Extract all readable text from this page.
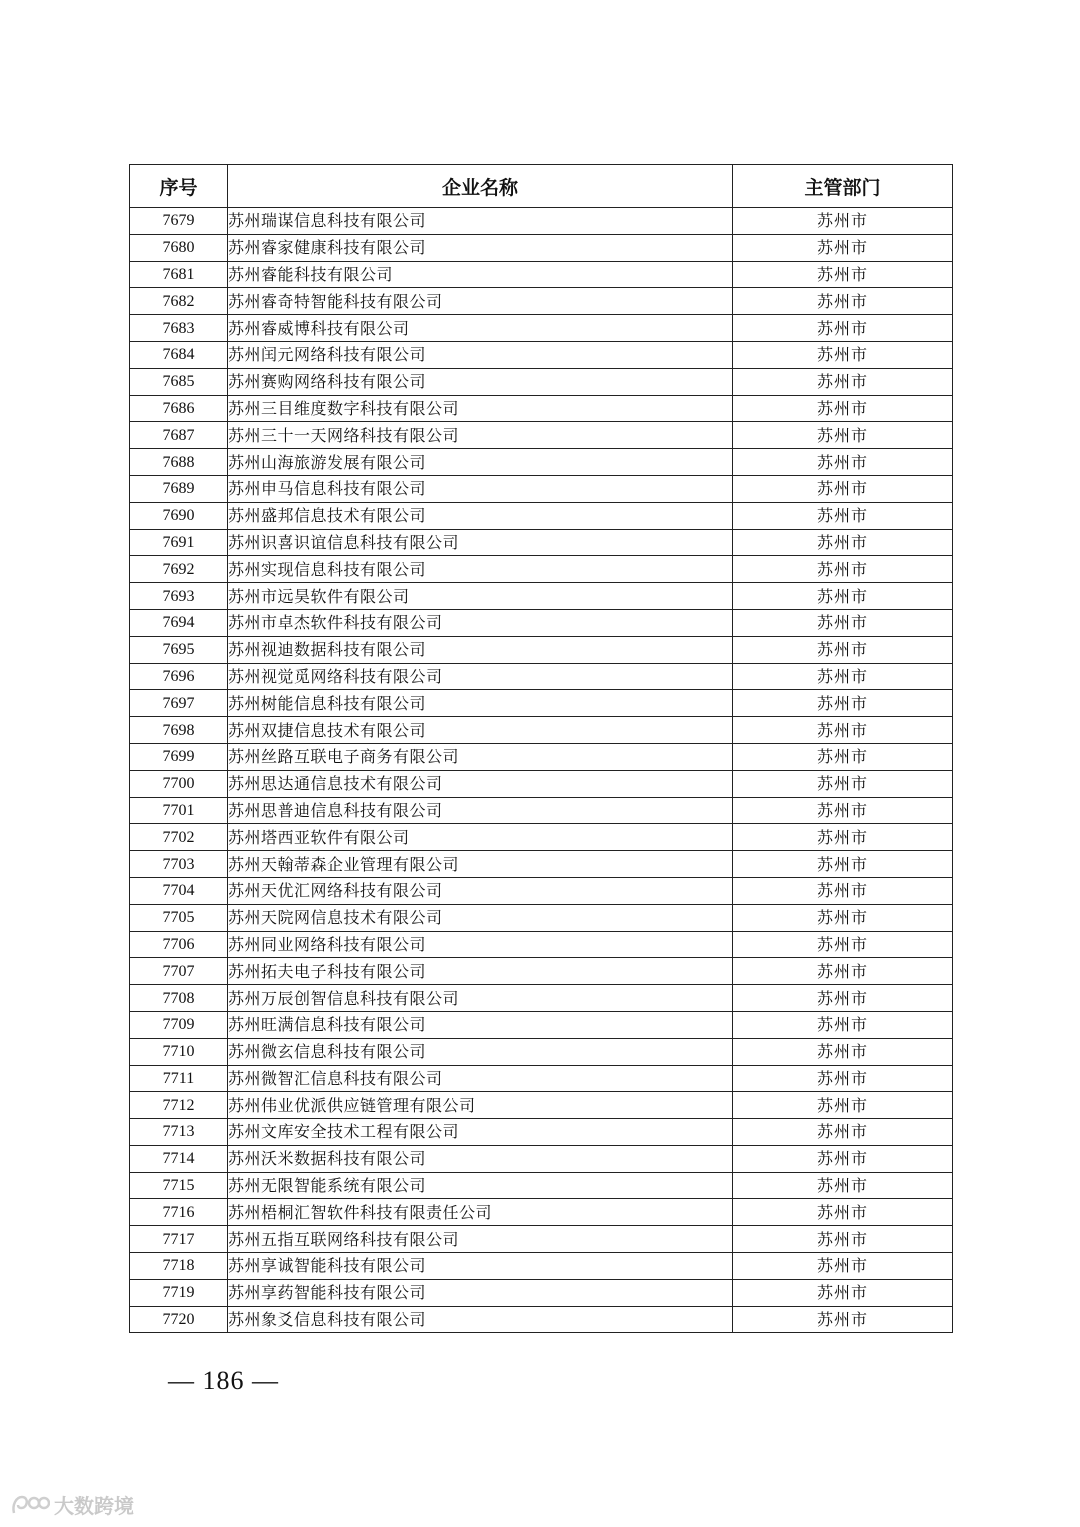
序号	企业名称	主管部门
7679	苏州瑞谋信息科技有限公司	苏州市
7680	苏州睿家健康科技有限公司	苏州市
7681	苏州睿能科技有限公司	苏州市
7682	苏州睿奇特智能科技有限公司	苏州市
7683	苏州睿威博科技有限公司	苏州市
7684	苏州闰元网络科技有限公司	苏州市
7685	苏州赛购网络科技有限公司	苏州市
7686	苏州三目维度数字科技有限公司	苏州市
7687	苏州三十一天网络科技有限公司	苏州市
7688	苏州山海旅游发展有限公司	苏州市
7689	苏州申马信息科技有限公司	苏州市
7690	苏州盛邦信息技术有限公司	苏州市
7691	苏州识喜识谊信息科技有限公司	苏州市
7692	苏州实现信息科技有限公司	苏州市
7693	苏州市远昊软件有限公司	苏州市
7694	苏州市卓杰软件科技有限公司	苏州市
7695	苏州视迪数据科技有限公司	苏州市
7696	苏州视觉觅网络科技有限公司	苏州市
7697	苏州树能信息科技有限公司	苏州市
7698	苏州双捷信息技术有限公司	苏州市
7699	苏州丝路互联电子商务有限公司	苏州市
7700	苏州思达通信息技术有限公司	苏州市
7701	苏州思普迪信息科技有限公司	苏州市
7702	苏州塔西亚软件有限公司	苏州市
7703	苏州天翰蒂森企业管理有限公司	苏州市
7704	苏州天优汇网络科技有限公司	苏州市
7705	苏州天院网信息技术有限公司	苏州市
7706	苏州同业网络科技有限公司	苏州市
7707	苏州拓夫电子科技有限公司	苏州市
7708	苏州万辰创智信息科技有限公司	苏州市
7709	苏州旺满信息科技有限公司	苏州市
7710	苏州微玄信息科技有限公司	苏州市
7711	苏州微智汇信息科技有限公司	苏州市
7712	苏州伟业优派供应链管理有限公司	苏州市
7713	苏州文库安全技术工程有限公司	苏州市
7714	苏州沃米数据科技有限公司	苏州市
7715	苏州无限智能系统有限公司	苏州市
7716	苏州梧桐汇智软件科技有限责任公司	苏州市
7717	苏州五指互联网络科技有限公司	苏州市
7718	苏州享诚智能科技有限公司	苏州市
7719	苏州享药智能科技有限公司	苏州市
7720	苏州象爻信息科技有限公司	苏州市
— 186 —
大数跨境
